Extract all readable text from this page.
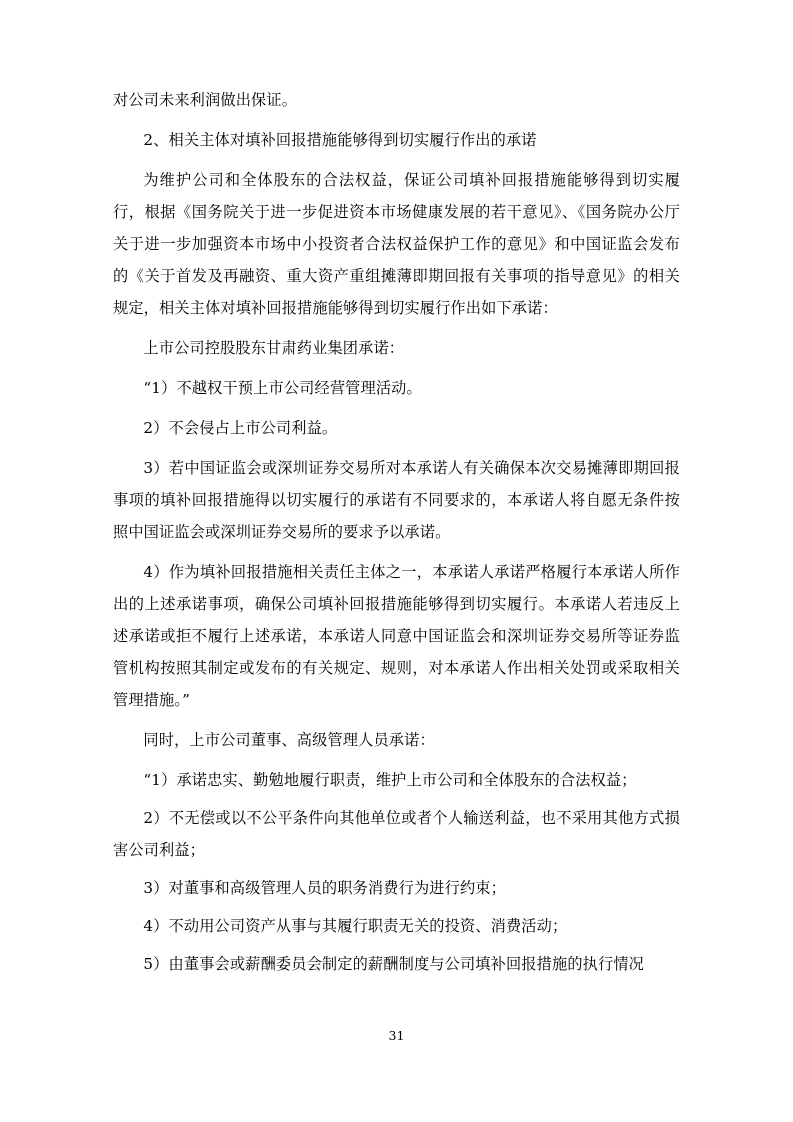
对公司未来利润做出保证。

2、相关主体对填补回报措施能够得到切实履行作出的承诺

为维护公司和全体股东的合法权益，保证公司填补回报措施能够得到切实履行，根据《国务院关于进一步促进资本市场健康发展的若干意见》、《国务院办公厅关于进一步加强资本市场中小投资者合法权益保护工作的意见》和中国证监会发布的《关于首发及再融资、重大资产重组摊薄即期回报有关事项的指导意见》的相关规定，相关主体对填补回报措施能够得到切实履行作出如下承诺：

上市公司控股股东甘肃药业集团承诺：

“1）不越权干预上市公司经营管理活动。

2）不会侵占上市公司利益。

3）若中国证监会或深圳证券交易所对本承诺人有关确保本次交易摊薄即期回报事项的填补回报措施得以切实履行的承诺有不同要求的，本承诺人将自愿无条件按照中国证监会或深圳证券交易所的要求予以承诺。

4）作为填补回报措施相关责任主体之一，本承诺人承诺严格履行本承诺人所作出的上述承诺事项，确保公司填补回报措施能够得到切实履行。本承诺人若违反上述承诺或拒不履行上述承诺，本承诺人同意中国证监会和深圳证券交易所等证券监管机构按照其制定或发布的有关规定、规则，对本承诺人作出相关处罚或采取相关管理措施。”

同时，上市公司董事、高级管理人员承诺：

“1）承诺忠实、勤勉地履行职责，维护上市公司和全体股东的合法权益；

2）不无偿或以不公平条件向其他单位或者个人输送利益，也不采用其他方式损害公司利益；

3）对董事和高级管理人员的职务消费行为进行约束；

4）不动用公司资产从事与其履行职责无关的投资、消费活动；

5）由董事会或薪酬委员会制定的薪酬制度与公司填补回报措施的执行情况

31
